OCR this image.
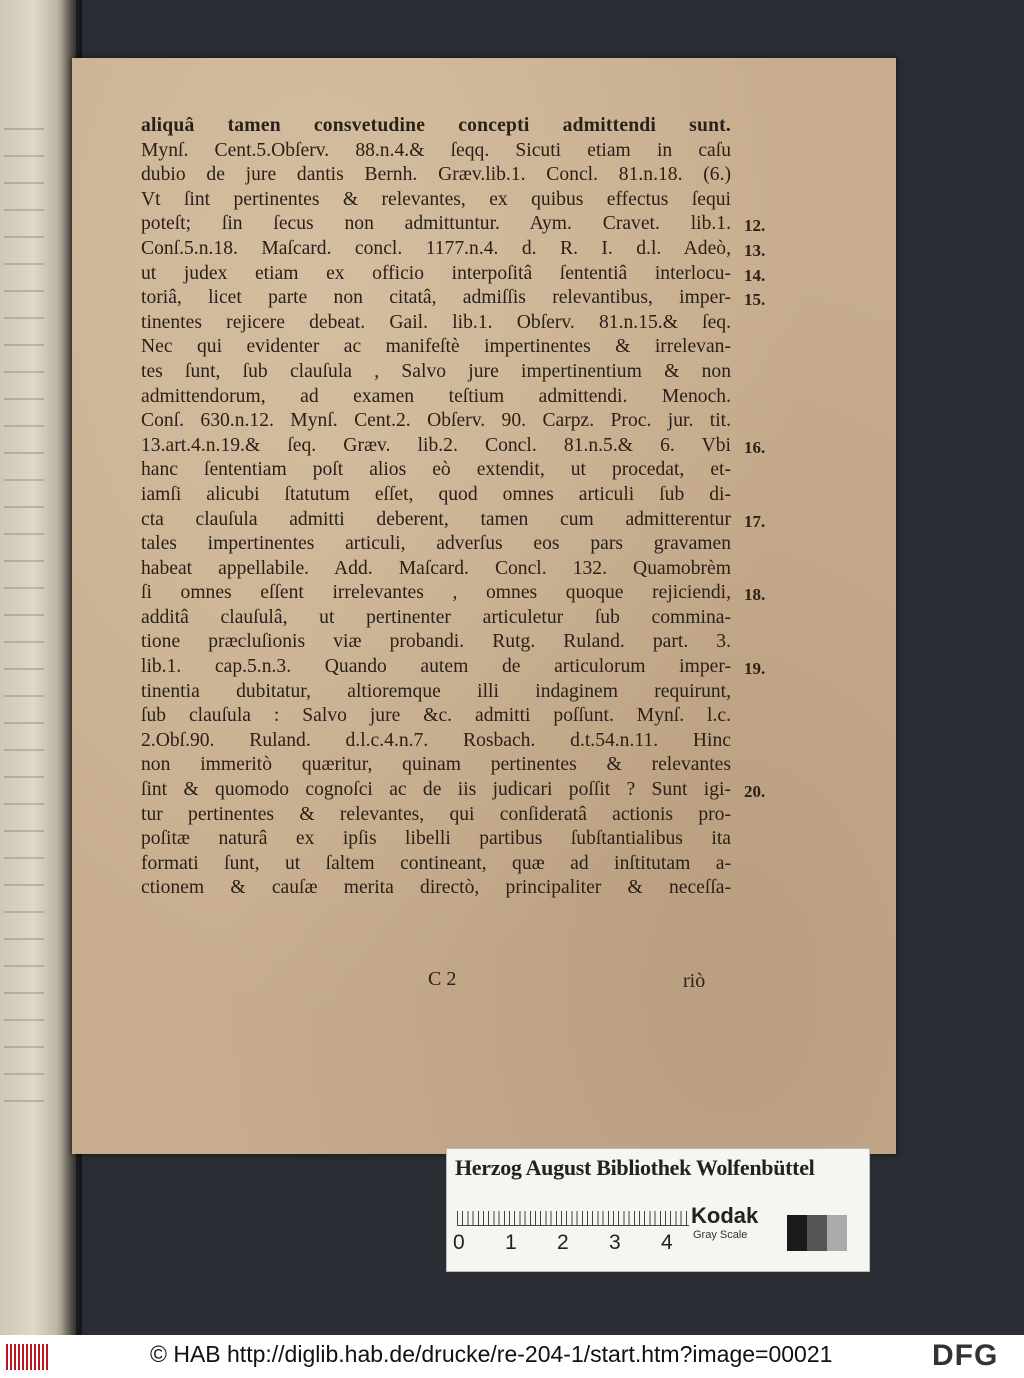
aliquâ tamen consvetudine concepti admittendi sunt.
Mynſ. Cent.5.Obſerv. 88.n.4.& ſeqq. Sicuti etiam in caſu
dubio de jure dantis Bernh. Græv.lib.1. Concl. 81.n.18. (6.)
Vt ſint pertinentes & relevantes, ex quibus effectus ſequi
poteſt; ſin ſecus non admittuntur. Aym. Cravet. lib.1.
Conſ.5.n.18. Maſcard. concl. 1177.n.4. d. R. I. d.l. Adeò,
ut judex etiam ex officio interpoſitâ ſententiâ interlocu-
toriâ, licet parte non citatâ, admiſſis relevantibus, imper-
tinentes rejicere debeat. Gail. lib.1. Obſerv. 81.n.15.& ſeq.
Nec qui evidenter ac manifeſtè impertinentes & irrelevan-
tes ſunt, ſub clauſula , Salvo jure impertinentium & non
admittendorum, ad examen teſtium admittendi. Menoch.
Conſ. 630.n.12. Mynſ. Cent.2. Obſerv. 90. Carpz. Proc. jur. tit.
13.art.4.n.19.& ſeq. Græv. lib.2. Concl. 81.n.5.& 6. Vbi
hanc ſententiam poſt alios eò extendit, ut procedat, et-
iamſi alicubi ſtatutum eſſet, quod omnes articuli ſub di-
cta clauſula admitti deberent, tamen cum admitterentur
tales impertinentes articuli, adverſus eos pars gravamen
habeat appellabile. Add. Maſcard. Concl. 132. Quamobrèm
ſi omnes eſſent irrelevantes , omnes quoque rejiciendi,
additâ clauſulâ, ut pertinenter articuletur ſub commina-
tione præcluſionis viæ probandi. Rutg. Ruland. part. 3.
lib.1. cap.5.n.3. Quando autem de articulorum imper-
tinentia dubitatur, altioremque illi indaginem requirunt,
ſub clauſula : Salvo jure &c. admitti poſſunt. Mynſ. l.c.
2.Obſ.90. Ruland. d.l.c.4.n.7. Rosbach. d.t.54.n.11. Hinc
non immeritò quæritur, quinam pertinentes & relevantes
ſint & quomodo cognoſci ac de iis judicari poſſit ? Sunt igi-
tur pertinentes & relevantes, qui conſideratâ actionis pro-
poſitæ naturâ ex ipſis libelli partibus ſubſtantialibus ita
formati ſunt, ut ſaltem contineant, quæ ad inſtitutam a-
ctionem & cauſæ merita directò, principaliter & neceſſa-
12.
13.
14.
15.
16.
17.
18.
19.
20.
C 2	riò
Herzog August Bibliothek Wolfenbüttel
0 1 2 3 4
Kodak
Gray Scale
© HAB http://diglib.hab.de/drucke/re-204-1/start.htm?image=00021	DFG
